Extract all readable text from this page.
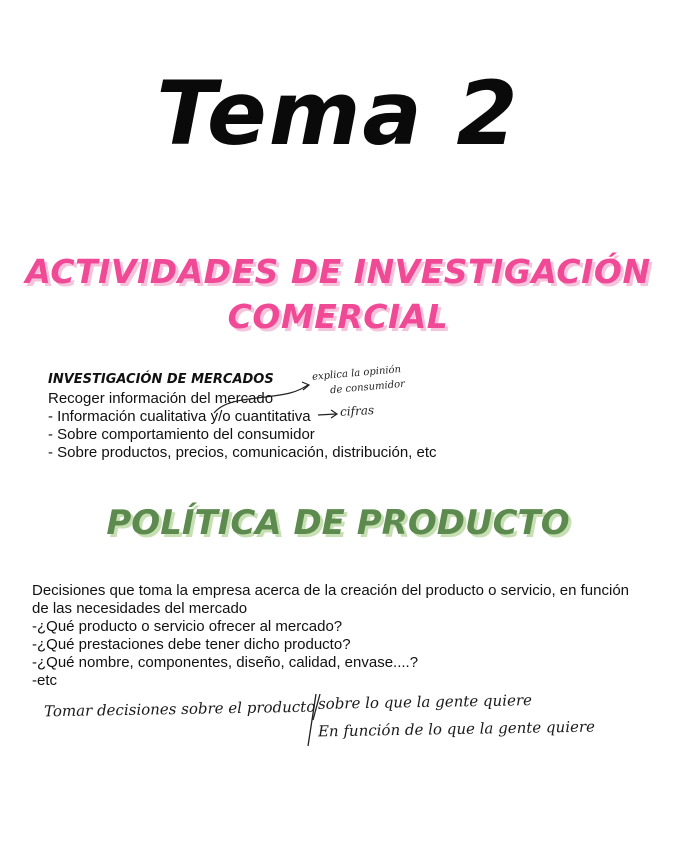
Tema 2
ACTIVIDADES DE INVESTIGACIÓN
COMERCIAL
INVESTIGACIÓN DE MERCADOS
Recoger información del mercado
- Información cualitativa y/o cuantitativa
- Sobre comportamiento del consumidor
- Sobre productos, precios, comunicación, distribución, etc
explica la opinión
de consumidor
cifras
POLÍTICA DE PRODUCTO
Decisiones que toma la empresa acerca de la creación del producto o servicio, en función
de las necesidades del mercado
-¿Qué producto o servicio ofrecer al mercado?
-¿Qué prestaciones debe tener dicho producto?
-¿Qué nombre, componentes, diseño, calidad, envase....?
-etc
Tomar decisiones sobre el producto sobre lo que la gente quiere
En función de lo que la gente quiere
